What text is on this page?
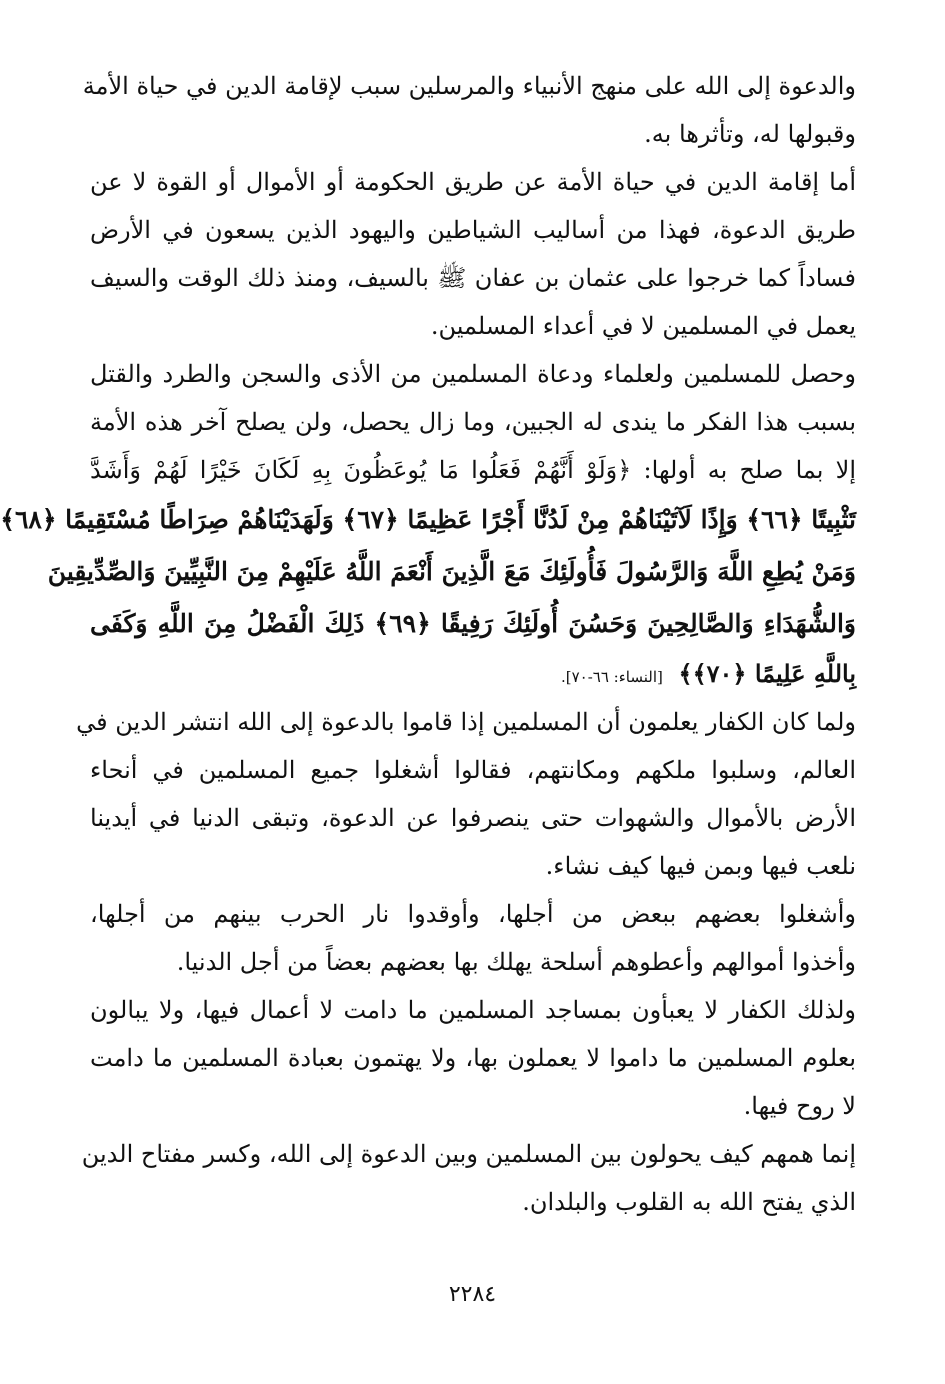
والدعوة إلى الله على منهج الأنبياء والمرسلين سبب لإقامة الدين في حياة الأمة
وقبولها له، وتأثرها به.
أما إقامة الدين في حياة الأمة عن طريق الحكومة أو الأموال أو القوة لا عن
طريق الدعوة، فهذا من أساليب الشياطين واليهود الذين يسعون في الأرض
فساداً كما خرجوا على عثمان بن عفان ﷺ بالسيف، ومنذ ذلك الوقت والسيف
يعمل في المسلمين لا في أعداء المسلمين.
وحصل للمسلمين ولعلماء ودعاة المسلمين من الأذى والسجن والطرد والقتل
بسبب هذا الفكر ما يندى له الجبين، وما زال يحصل، ولن يصلح آخر هذه الأمة
إلا بما صلح به أولها: ﴿وَلَوْ أَنَّهُمْ فَعَلُوا مَا يُوعَظُونَ بِهِ لَكَانَ خَيْرًا لَهُمْ وَأَشَدَّ
تَثْبِيتًا ﴿٦٦﴾ وَإِذًا لَآتَيْنَاهُمْ مِنْ لَدُنَّا أَجْرًا عَظِيمًا ﴿٦٧﴾ وَلَهَدَيْنَاهُمْ صِرَاطًا مُسْتَقِيمًا ﴿٦٨﴾
وَمَنْ يُطِعِ اللَّهَ وَالرَّسُولَ فَأُولَئِكَ مَعَ الَّذِينَ أَنْعَمَ اللَّهُ عَلَيْهِمْ مِنَ النَّبِيِّينَ وَالصِّدِّيقِينَ
وَالشُّهَدَاءِ وَالصَّالِحِينَ وَحَسُنَ أُولَئِكَ رَفِيقًا ﴿٦٩﴾ ذَلِكَ الْفَضْلُ مِنَ اللَّهِ وَكَفَى
بِاللَّهِ عَلِيمًا ﴿٧٠﴾﴾ [النساء: ٦٦-٧٠].
ولما كان الكفار يعلمون أن المسلمين إذا قاموا بالدعوة إلى الله انتشر الدين في
العالم، وسلبوا ملكهم ومكانتهم، فقالوا أشغلوا جميع المسلمين في أنحاء
الأرض بالأموال والشهوات حتى ينصرفوا عن الدعوة، وتبقى الدنيا في أيدينا
نلعب فيها وبمن فيها كيف نشاء.
وأشغلوا بعضهم ببعض من أجلها، وأوقدوا نار الحرب بينهم من أجلها،
وأخذوا أموالهم وأعطوهم أسلحة يهلك بها بعضهم بعضاً من أجل الدنيا.
ولذلك الكفار لا يعبأون بمساجد المسلمين ما دامت لا أعمال فيها، ولا يبالون
بعلوم المسلمين ما داموا لا يعملون بها، ولا يهتمون بعبادة المسلمين ما دامت
لا روح فيها.
إنما همهم كيف يحولون بين المسلمين وبين الدعوة إلى الله، وكسر مفتاح الدين
الذي يفتح الله به القلوب والبلدان.
٢٢٨٤
